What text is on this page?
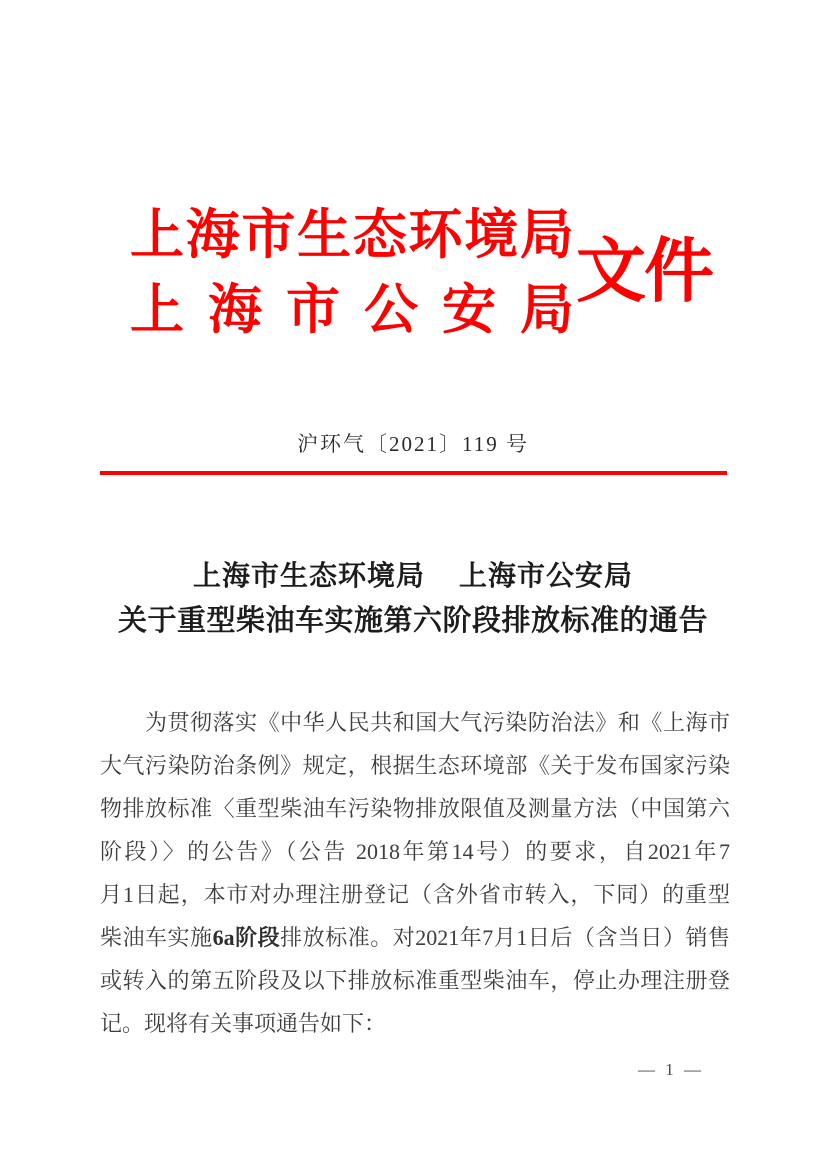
上 海 市 生 态 环 境 局
上 海 市 公 安 局 文件
沪环气〔2021〕119 号
上海市生态环境局 上海市公安局
关于重型柴油车实施第六阶段排放标准的通告
为贯彻落实《中华人民共和国大气污染防治法》和《上海市
大气污染防治条例》规定，根据生态环境部《关于发布国家污染
物排放标准〈重型柴油车污染物排放限值及测量方法（中国第六
阶段）〉的公告》（公告 2018年第14号）的要求，自2021年7
月1日起，本市对办理注册登记（含外省市转入，下同）的重型
柴油车实施6a阶段排放标准。对2021年7月1日后（含当日）销售
或转入的第五阶段及以下排放标准重型柴油车，停止办理注册登
记。现将有关事项通告如下：
— 1 —
